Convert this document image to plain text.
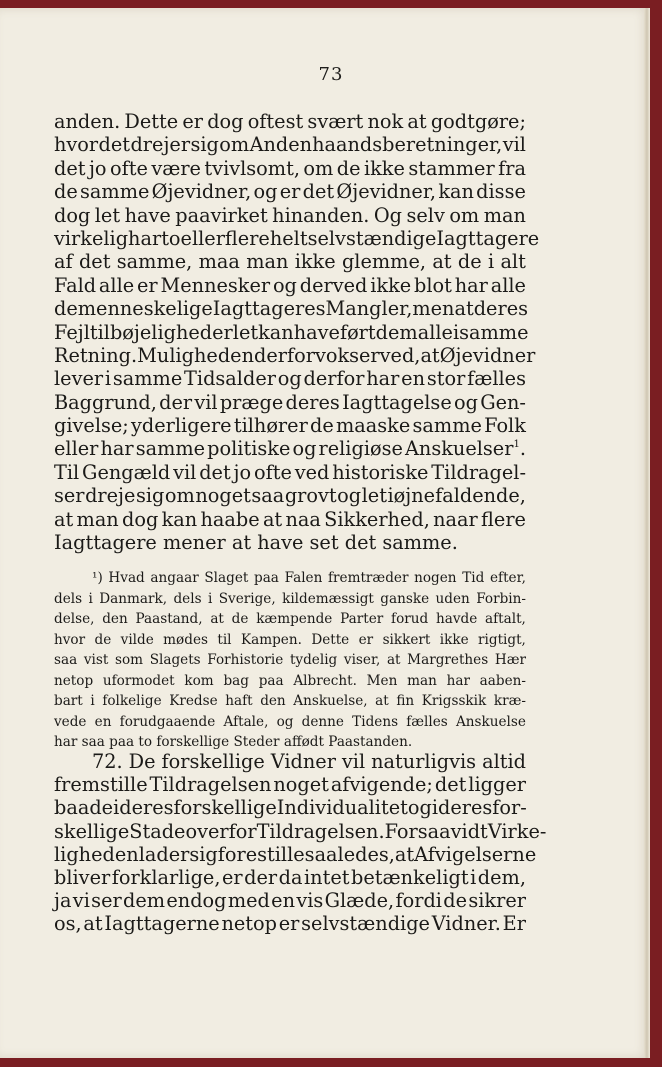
73
anden. Dette er dog oftest svært nok at godtgøre;
hvor det drejer sig om Andenhaandsberetninger, vil
det jo ofte være tvivlsomt, om de ikke stammer fra
de samme Øjevidner, og er det Øjevidner, kan disse
dog let have paavirket hinanden. Og selv om man
virkelig har to eller flere helt selvstændige Iagttagere
af det samme, maa man ikke glemme, at de i alt
Fald alle er Mennesker og derved ikke blot har alle
de menneskelige Iagttageres Mangler, men at deres
Fejltilbøjeligheder let kan have ført dem alle i samme
Retning. Muligheden derfor vokser ved, at Øjevidner
lever i samme Tidsalder og derfor har en stor fælles
Baggrund, der vil præge deres Iagttagelse og Gen-
givelse; yderligere tilhører de maaske samme Folk
eller har samme politiske og religiøse Anskuelser$^1$.
Til Gengæld vil det jo ofte ved historiske Tildragel-
ser dreje sig om noget saa grovt og let iøjnefaldende,
at man dog kan haabe at naa Sikkerhed, naar flere
Iagttagere mener at have set det samme.
¹) Hvad angaar Slaget paa Falen fremtræder nogen Tid efter,
dels i Danmark, dels i Sverige, kildemæssigt ganske uden Forbin-
delse, den Paastand, at de kæmpende Parter forud havde aftalt,
hvor de vilde mødes til Kampen. Dette er sikkert ikke rigtigt,
saa vist som Slagets Forhistorie tydelig viser, at Margrethes Hær
netop uformodet kom bag paa Albrecht. Men man har aaben-
bart i folkelige Kredse haft den Anskuelse, at fin Krigsskik kræ-
vede en forudgaaende Aftale, og denne Tidens fælles Anskuelse
har saa paa to forskellige Steder affødt Paastanden.
72. De forskellige Vidner vil naturligvis altid
fremstille Tildragelsen noget afvigende; det ligger
baade i deres forskellige Individualitet og i deres for-
skellige Stade overfor Tildragelsen. For saa vidt Virke-
ligheden lader sig forestille saaledes, at Afvigelserne
bliver forklarlige, er der da intet betænkeligt i dem,
ja vi ser dem endog med en vis Glæde, fordi de sikrer
os, at Iagttagerne netop er selvstændige Vidner. Er
